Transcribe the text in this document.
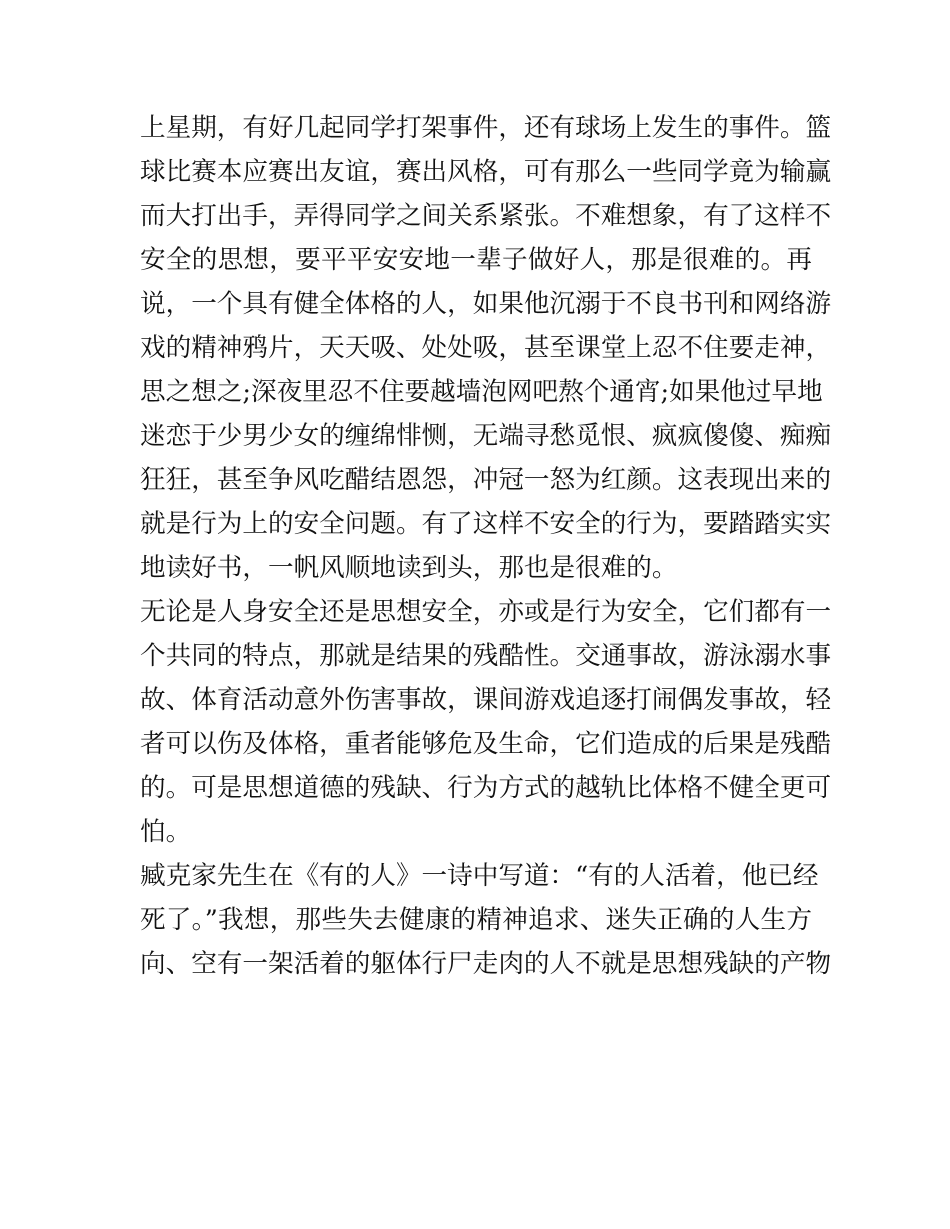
上星期，有好几起同学打架事件，还有球场上发生的事件。篮
球比赛本应赛出友谊，赛出风格，可有那么一些同学竟为输赢
而大打出手，弄得同学之间关系紧张。不难想象，有了这样不
安全的思想，要平平安安地一辈子做好人，那是很难的。再
说，一个具有健全体格的人，如果他沉溺于不良书刊和网络游
戏的精神鸦片，天天吸、处处吸，甚至课堂上忍不住要走神，
思之想之;深夜里忍不住要越墙泡网吧熬个通宵;如果他过早地
迷恋于少男少女的缠绵悱恻，无端寻愁觅恨、疯疯傻傻、痴痴
狂狂，甚至争风吃醋结恩怨，冲冠一怒为红颜。这表现出来的
就是行为上的安全问题。有了这样不安全的行为，要踏踏实实
地读好书，一帆风顺地读到头，那也是很难的。
无论是人身安全还是思想安全，亦或是行为安全，它们都有一
个共同的特点，那就是结果的残酷性。交通事故，游泳溺水事
故、体育活动意外伤害事故，课间游戏追逐打闹偶发事故，轻
者可以伤及体格，重者能够危及生命，它们造成的后果是残酷
的。可是思想道德的残缺、行为方式的越轨比体格不健全更可
怕。
臧克家先生在《有的人》一诗中写道：“有的人活着，他已经
死了。”我想，那些失去健康的精神追求、迷失正确的人生方
向、空有一架活着的躯体行尸走肉的人不就是思想残缺的产物
